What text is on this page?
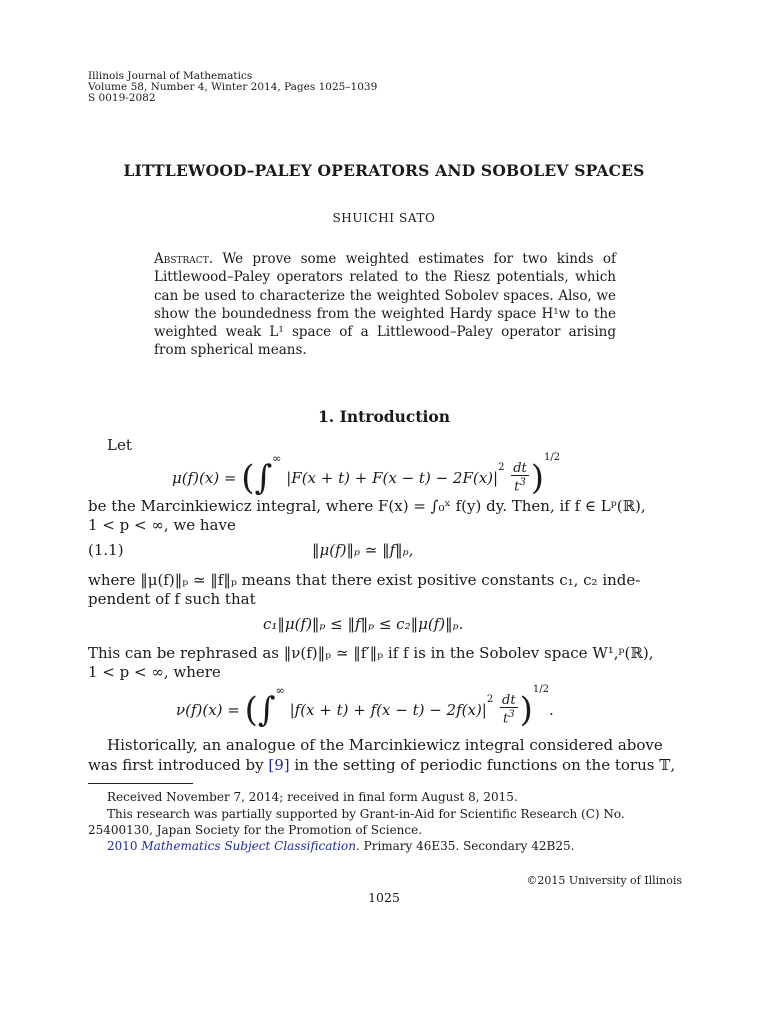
Illinois Journal of Mathematics
Volume 58, Number 4, Winter 2014, Pages 1025–1039
S 0019-2082
LITTLEWOOD–PALEY OPERATORS AND SOBOLEV SPACES
SHUICHI SATO
Abstract. We prove some weighted estimates for two kinds of Littlewood–Paley operators related to the Riesz potentials, which can be used to characterize the weighted Sobolev spaces. Also, we show the boundedness from the weighted Hardy space H¹w to the weighted weak L¹ space of a Littlewood–Paley operator arising from spherical means.
1. Introduction
Let
μ(f)(x) = (∫∞ $|F(x + t) + F(x - t) - 2F(x)|^2 \frac{dt}{t^3} )^{1/2}$
be the Marcinkiewicz integral, where F(x) = ∫₀ˣ f(y) dy. Then, if f ∈ Lᵖ(ℝ),
1 < p < ∞, we have
(1.1)	‖μ(f)‖ₚ ≃ ‖f‖ₚ,
where ‖μ(f)‖ₚ ≃ ‖f‖ₚ means that there exist positive constants c₁, c₂ inde-
pendent of f such that
c₁‖μ(f)‖ₚ ≤ ‖f‖ₚ ≤ c₂‖μ(f)‖ₚ.
This can be rephrased as ‖ν(f)‖ₚ ≃ ‖f′‖ₚ if f is in the Sobolev space W¹,ᵖ(ℝ),
1 < p < ∞, where
ν(f)(x) = (∫∞ $|f(x + t) + f(x - t) - 2f(x)|^2 \frac{dt}{t^3} )^{1/2}$.
Historically, an analogue of the Marcinkiewicz integral considered above
was first introduced by [9] in the setting of periodic functions on the torus 𝕋,
Received November 7, 2014; received in final form August 8, 2015.
This research was partially supported by Grant-in-Aid for Scientific Research (C) No.
25400130, Japan Society for the Promotion of Science.
2010 Mathematics Subject Classification. Primary 46E35. Secondary 42B25.
©2015 University of Illinois
1025
